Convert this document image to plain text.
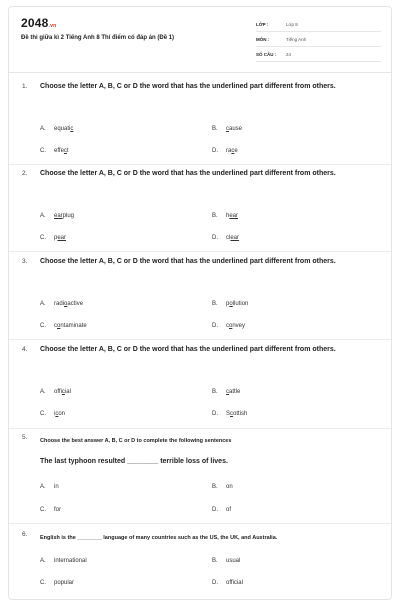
2048.vn
Đề thi giữa kì 2 Tiếng Anh 8 Thí điểm có đáp án (Đề 1)
LỚP :	Lớp 8
MÔN :	Tiếng Anh
SỐ CÂU : 24
1. Choose the letter A, B, C or D the word that has the underlined part different from others.
A. equatic	B. cause
C. effect	D. race
2. Choose the letter A, B, C or D the word that has the underlined part different from others.
A. earplug	B. hear
C. pear	D. clear
3. Choose the letter A, B, C or D the word that has the underlined part different from others.
A. radioactive	B. pollution
C. contaminate	D. convey
4. Choose the letter A, B, C or D the word that has the underlined part different from others.
A. official	B. cattle
C. icon	D. Scottish
5. Choose the best answer A, B, C or D to complete the following sentences
The last typhoon resulted ________ terrible loss of lives.
A. in	B. on
C. for	D. of
6. English is the ________ language of many countries such as the US, the UK, and Australia.
A. international	B. usual
C. popular	D. official
